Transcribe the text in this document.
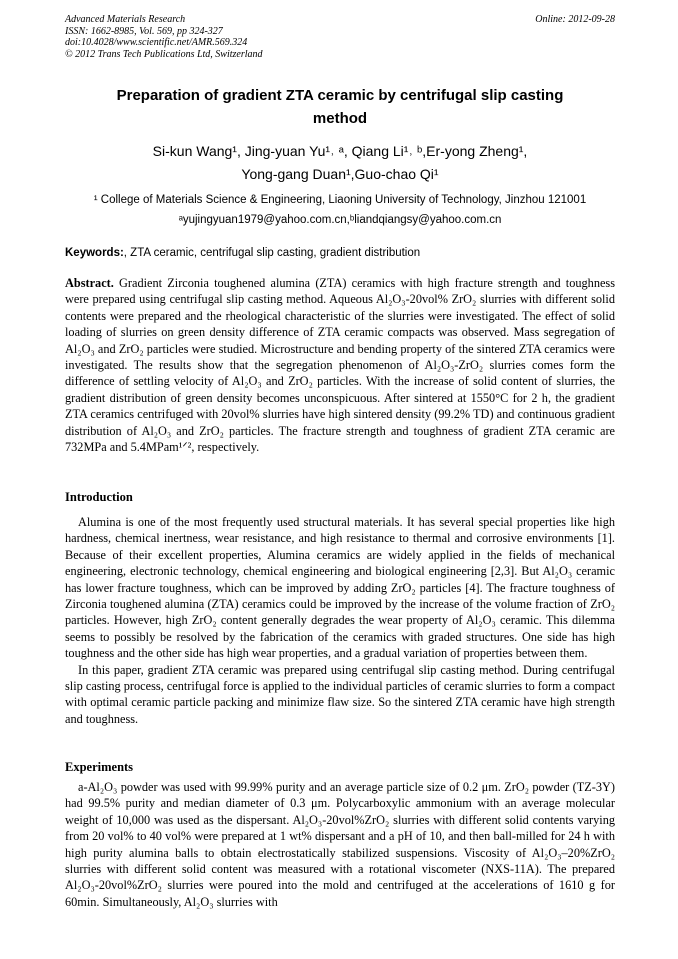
Advanced Materials Research
ISSN: 1662-8985, Vol. 569, pp 324-327
doi:10.4028/www.scientific.net/AMR.569.324
© 2012 Trans Tech Publications Ltd, Switzerland
Online: 2012-09-28
Preparation of gradient ZTA ceramic by centrifugal slip casting method
Si-kun Wang¹, Jing-yuan Yu¹˒ ᵃ, Qiang Li¹˒ ᵇ,Er-yong Zheng¹,
Yong-gang Duan¹,Guo-chao Qi¹
¹ College of Materials Science & Engineering, Liaoning University of Technology, Jinzhou 121001
ᵃyujingyuan1979@yahoo.com.cn,ᵇliandqiangsy@yahoo.com.cn
Keywords:, ZTA ceramic, centrifugal slip casting, gradient distribution
Abstract. Gradient Zirconia toughened alumina (ZTA) ceramics with high fracture strength and toughness were prepared using centrifugal slip casting method. Aqueous Al₂O₃-20vol% ZrO₂ slurries with different solid contents were prepared and the rheological characteristic of the slurries were investigated. The effect of solid loading of slurries on green density difference of ZTA ceramic compacts was observed. Mass segregation of Al₂O₃ and ZrO₂ particles were studied. Microstructure and bending property of the sintered ZTA ceramics were investigated. The results show that the segregation phenomenon of Al₂O₃-ZrO₂ slurries comes form the difference of settling velocity of Al₂O₃ and ZrO₂ particles. With the increase of solid content of slurries, the gradient distribution of green density becomes unconspicuous. After sintered at 1550°C for 2 h, the gradient ZTA ceramics centrifuged with 20vol% slurries have high sintered density (99.2% TD) and continuous gradient distribution of Al₂O₃ and ZrO₂ particles. The fracture strength and toughness of gradient ZTA ceramic are 732MPa and 5.4MPam¹ᐟ², respectively.
Introduction

Alumina is one of the most frequently used structural materials. It has several special properties like high hardness, chemical inertness, wear resistance, and high resistance to thermal and corrosive environments [1]. Because of their excellent properties, Alumina ceramics are widely applied in the fields of mechanical engineering, electronic technology, chemical engineering and biological engineering [2,3]. But Al₂O₃ ceramic has lower fracture toughness, which can be improved by adding ZrO₂ particles [4]. The fracture toughness of Zirconia toughened alumina (ZTA) ceramics could be improved by the increase of the volume fraction of ZrO₂ particles. However, high ZrO₂ content generally degrades the wear property of Al₂O₃ ceramic. This dilemma seems to possibly be resolved by the fabrication of the ceramics with graded structures. One side has high toughness and the other side has high wear properties, and a gradual variation of properties between them.

In this paper, gradient ZTA ceramic was prepared using centrifugal slip casting method. During centrifugal slip casting process, centrifugal force is applied to the individual particles of ceramic slurries to form a compact with optimal ceramic particle packing and minimize flaw size. So the sintered ZTA ceramic have high strength and toughness.

Experiments

a-Al₂O₃ powder was used with 99.99% purity and an average particle size of 0.2 μm. ZrO₂ powder (TZ-3Y) had 99.5% purity and median diameter of 0.3 μm. Polycarboxylic ammonium with an average molecular weight of 10,000 was used as the dispersant. Al₂O₃-20vol%ZrO₂ slurries with different solid contents varying from 20 vol% to 40 vol% were prepared at 1 wt% dispersant and a pH of 10, and then ball-milled for 24 h with high purity alumina balls to obtain electrostatically stabilized suspensions. Viscosity of Al₂O₃–20%ZrO₂ slurries with different solid content was measured with a rotational viscometer (NXS-11A). The prepared Al₂O₃-20vol%ZrO₂ slurries were poured into the mold and centrifuged at the accelerations of 1610 g for 60min. Simultaneously, Al₂O₃ slurries with
